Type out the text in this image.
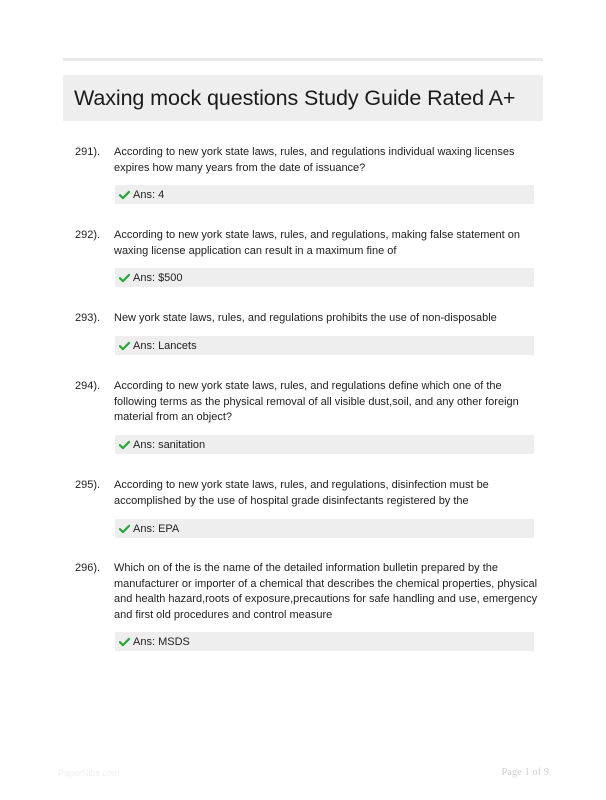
Waxing mock questions Study Guide Rated A+
291). According to new york state laws, rules, and regulations individual waxing licenses expires how many years from the date of issuance?
Ans: 4
292). According to new york state laws, rules, and regulations, making false statement on waxing license application can result in a maximum fine of
Ans: $500
293). New york state laws, rules, and regulations prohibits the use of non-disposable
Ans: Lancets
294). According to new york state laws, rules, and regulations define which one of the following terms as the physical removal of all visible dust,soil, and any other foreign material from an object?
Ans: sanitation
295). According to new york state laws, rules, and regulations, disinfection must be accomplished by the use of hospital grade disinfectants registered by the
Ans: EPA
296). Which on of the is the name of the detailed information bulletin prepared by the manufacturer or importer of a chemical that describes the chemical properties, physical and health hazard,roots of exposure,precautions for safe handling and use, emergency and first old procedures and control measure
Ans: MSDS
PaperNibs.com	Page 1 of 9
